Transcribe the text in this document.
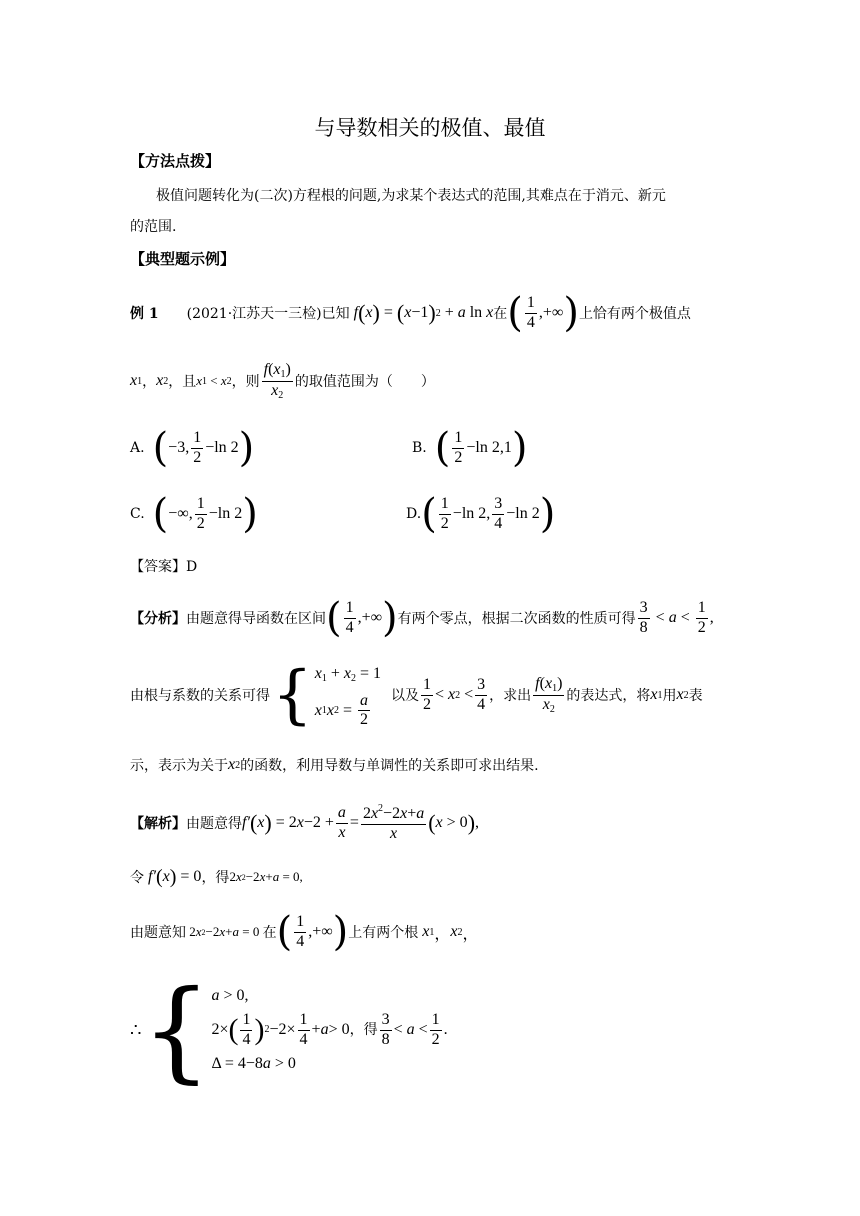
与导数相关的极值、最值
【方法点拨】
极值问题转化为(二次)方程根的问题,为求某个表达式的范围,其难点在于消元、新元
的范围.
【典型题示例】
例 1 (2021·江苏天一三检)已知 f ( x ) = ( x −1 ) 2 + a ln x 在 ( $\frac{1}{4}$ ,+∞ ) 上恰有两个极值点
x 1 ， x 2 ，且 x 1 < x 2 ，则 $\frac{f(x_1)}{x_2}$ 的取值范围为（　　）
A. ( −3, $\frac{1}{2} -\ln$ 2 )	B. ( $\frac{1}{2} -\ln$ 2,1 )
C. ( −∞, $\frac{1}{2} -\ln$ 2 )	D. ( $\frac{1}{2} -\ln$ 2, $\frac{3}{4} -\ln$ 2 )
【答案】D
【分析】 由题意得导函数在区间 ( $\frac{1}{4}$ ,+∞ ) 有两个零点，根据二次函数的性质可得 $\frac{3}{8} < a < \frac{1}{2}$ ,
由根与系数的关系可得 { $x_1 + x_2 = 1$
x 1 x $2 = \frac{a}{2}$ 以及 $\frac{1}{2} < x$ $2 < \frac{3}{4}$ ，求出 $\frac{f(x_1)}{x_2}$ 的表达式，将 x 1 用 x 2 表
示，表示为关于 x 2 的函数，利用导数与单调性的关系即可求出结果.
【解析】 由题意得 f′ ( x ) = 2 $x -2 + \frac{a}{x} = \frac{2x^2-2x+a}{x}$ ( x > 0 ) ,
令 f′ ( x ) = 0 ，得 2 x 2 −2 x + a = 0 ,
由题意知 2 x 2 −2 x + a = 0 在 ( $\frac{1}{4}$ ,+∞ ) 上有两个根 x 1 ， x 2 ，
∴ { a > 0,
2× ( $\frac{1}{4}$ ) $2 -2\times \frac{1}{4} + a > 0$ ，得 $\frac{3}{8} < a < \frac{1}{2}$ .
Δ = 4−8a > 0
